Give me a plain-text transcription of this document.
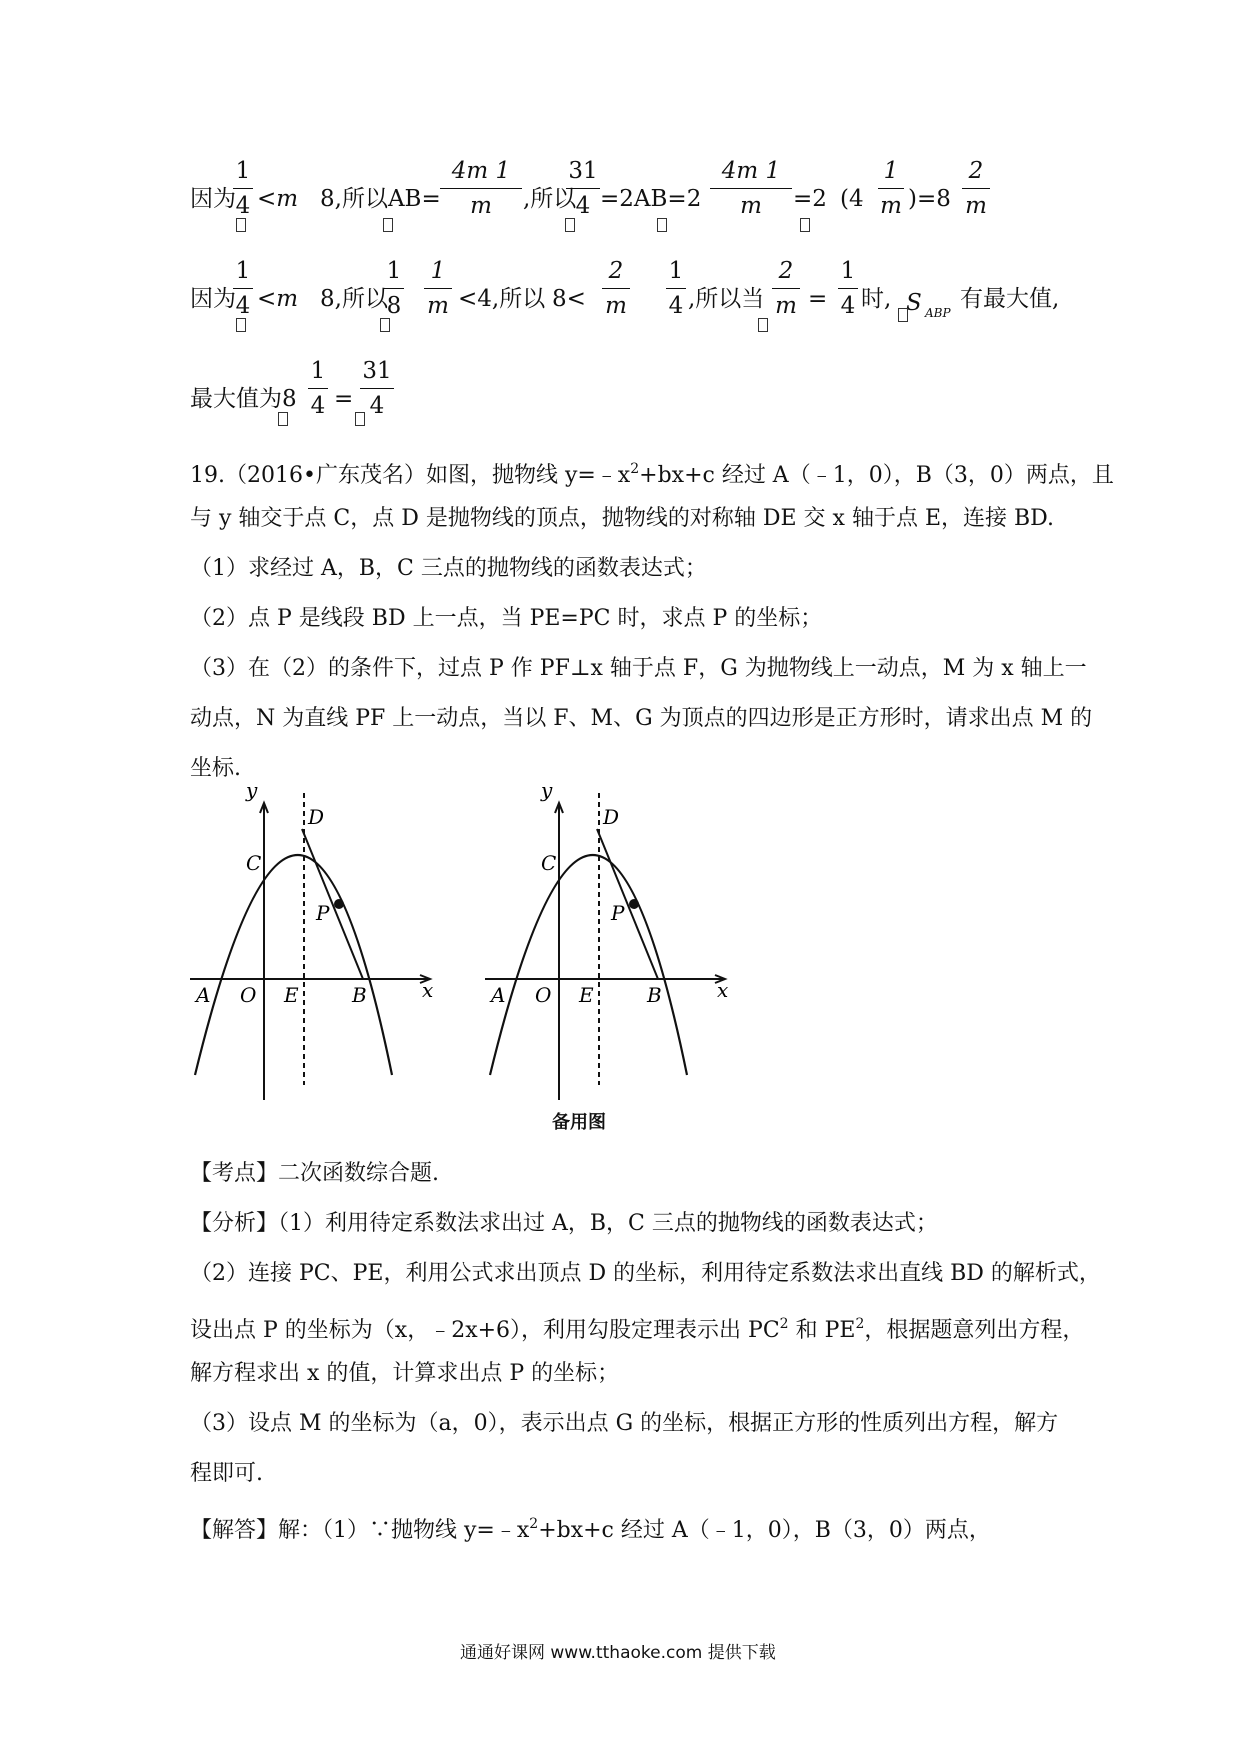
因为
$\frac{1}{4} <m$ 8,所以$AB= \frac{4m 1}{m}$ ,所以
$\frac{31}{4} =2AB=2 \frac{4m 1}{m} =2$ $(4 \frac{1}{m} )=8 \frac{2}{m}$
因为
$\frac{1}{4} <m$ 8,所以
$\frac{1}{8} \frac{1}{m} <4$,所以 $8< \frac{2}{m} \frac{1}{4}$ ,所以当 $\frac{2}{m} = \frac{1}{4}$ 时, S ABP
有最大值,
最大值为$8 \frac{1}{4} = \frac{31}{4}$
19.（2016•广东茂名）如图，抛物线 $y=﹣x^2+bx+c$ 经过 A（﹣1，0），B（3，0）两点，且
与 y 轴交于点 C，点 D 是抛物线的顶点，抛物线的对称轴 DE 交 x 轴于点 E，连接 BD.
（1）求经过 A，B，C 三点的抛物线的函数表达式；
（2）点 P 是线段 BD 上一点，当 PE=PC 时，求点 P 的坐标；
（3）在（2）的条件下，过点 P 作 PF⊥x 轴于点 F，G 为抛物线上一动点，M 为 x 轴上一
动点，N 为直线 PF 上一动点，当以 F、M、G 为顶点的四边形是正方形时，请求出点 M 的
坐标.
y
x
D
C
P
A O E	B
y
x
D
C
P
A O E	B
备用图
【考点】二次函数综合题.
【分析】（1）利用待定系数法求出过 A，B，C 三点的抛物线的函数表达式；
（2）连接 PC、PE，利用公式求出顶点 D 的坐标，利用待定系数法求出直线 BD 的解析式，
设出点 P 的坐标为（x，﹣2x+6），利用勾股定理表示出 $PC^2$ 和 $PE^2$，根据题意列出方程，
解方程求出 x 的值，计算求出点 P 的坐标；
（3）设点 M 的坐标为（a，0），表示出点 G 的坐标，根据正方形的性质列出方程，解方
程即可.
【解答】解：（1）∵抛物线 $y=﹣x^2+bx+c$ 经过 A（﹣1，0），B（3，0）两点，
通通好课网 www.tthaoke.com 提供下载
